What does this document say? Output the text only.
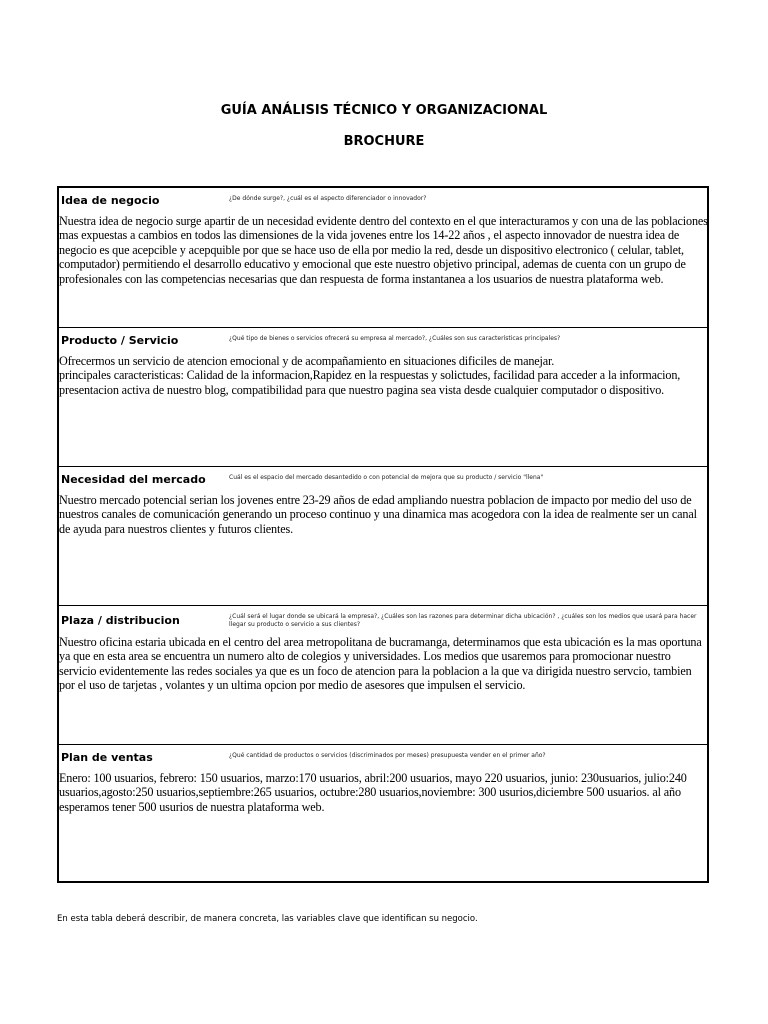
GUÍA ANÁLISIS TÉCNICO Y ORGANIZACIONAL
BROCHURE
Idea de negocio	¿De dónde surge?, ¿cuál es el aspecto diferenciador o innovador?
Nuestra idea de negocio surge apartir de un necesidad evidente dentro del contexto en el que interacturamos y con una de las poblaciones mas expuestas a cambios en todos las dimensiones de la vida jovenes entre los 14-22 años , el aspecto innovador de nuestra idea de negocio es que acepcible y acepquible por que se hace uso de ella por medio la red, desde un dispositivo electronico ( celular, tablet, computador) permitiendo el desarrollo educativo y emocional que este nuestro objetivo principal, ademas de cuenta con un grupo de profesionales con las competencias necesarias que dan respuesta de forma instantanea a los usuarios de nuestra plataforma web.
Producto / Servicio	¿Qué tipo de bienes o servicios ofrecerá su empresa al mercado?, ¿Cuáles son sus características principales?
Ofrecermos un servicio de atencion emocional y de acompañamiento en situaciones dificiles de manejar.
principales caracteristicas: Calidad de la informacion,Rapidez en la respuestas y solictudes, facilidad para acceder a la informacion, presentacion activa de nuestro blog, compatibilidad para que nuestro pagina sea vista desde cualquier computador o dispositivo.
Necesidad del mercado	Cuál es el espacio del mercado desantedido o con potencial de mejora que su producto / servicio "llena"
Nuestro mercado potencial serian los jovenes entre 23-29 años de edad ampliando nuestra poblacion de impacto por medio del uso de nuestros canales de comunicación generando un proceso continuo y una dinamica mas acogedora con la idea de realmente ser un canal de ayuda para nuestros clientes y futuros clientes.
Plaza / distribucion	¿Cuál será el lugar donde se ubicará la empresa?, ¿Cuáles son las razones para determinar dicha ubicación? , ¿cuáles son los medios que usará para hacer llegar su producto o servicio a sus clientes?
Nuestro oficina estaria ubicada en el centro del area metropolitana de bucramanga, determinamos que esta ubicación es la mas oportuna ya que en esta area se encuentra un numero alto de colegios y universidades. Los medios que usaremos para promocionar nuestro servicio evidentemente las redes sociales ya que es un foco de atencion para la poblacion a la que va dirigida nuestro servcio, tambien por el uso de tarjetas , volantes y un ultima opcion por medio de asesores que impulsen el servicio.
Plan de ventas	¿Qué cantidad de productos o servicios (discriminados por meses) presupuesta vender en el primer año?
Enero: 100 usuarios, febrero: 150 usuarios, marzo:170 usuarios, abril:200 usuarios, mayo 220 usuarios, junio: 230usuarios, julio:240 usuarios,agosto:250 usuarios,septiembre:265 usuarios, octubre:280 usuarios,noviembre: 300 usurios,diciembre 500 usuarios. al año esperamos tener 500 usurios de nuestra plataforma web.
En esta tabla deberá describir, de manera concreta, las variables clave que identifican su negocio.
